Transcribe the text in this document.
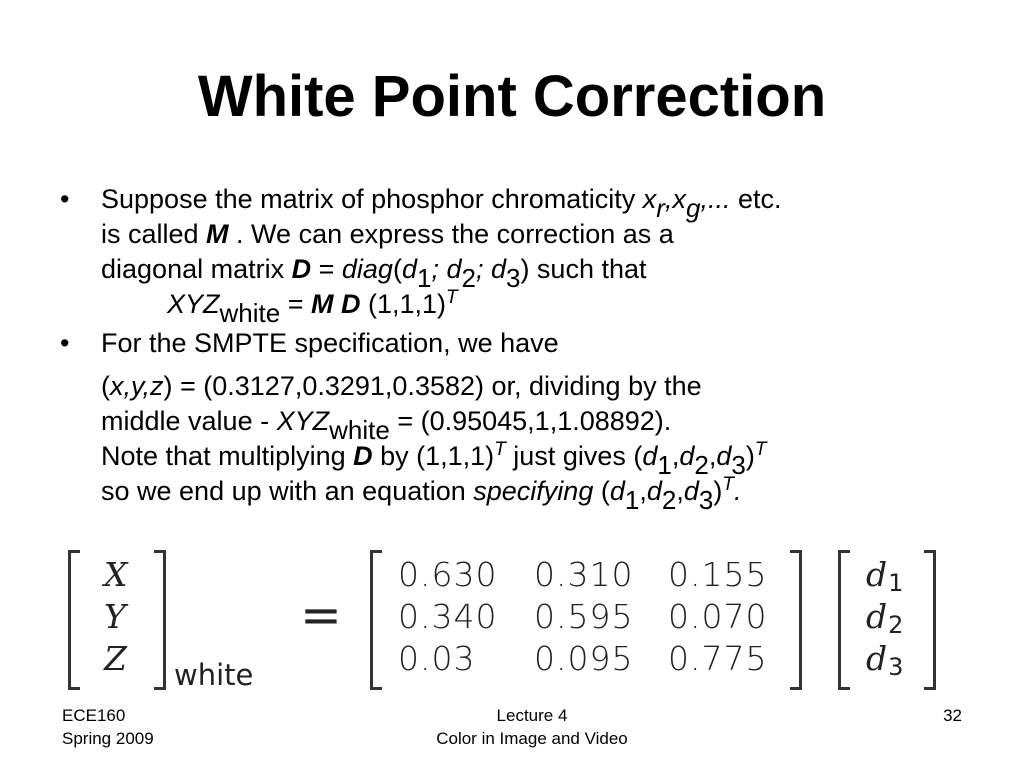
White Point Correction
• Suppose the matrix of phosphor chromaticity $x_r,x_g$,... etc.
is called M . We can express the correction as a
diagonal matrix $D = diag(d_1$; $d_2$; $d_3$) such that
$XYZ_{white} = M$ D $(1,1,1)^T$
• For the SMPTE specification, we have
(x,y,z) = (0.3127,0.3291,0.3582) or, dividing by the
middle value - $XYZ_{white} = (0.95045,1,1.08892)$.
Note that multiplying D by $(1,1,1)^T$ just gives $(d_1,d_2,d_3)^T$
so we end up with an equation specifying $(d_1,d_2,d_3)^T$.
X
Y
Z white
=
0.630 0.310 0.155
0.340 0.595 0.070
0.03 0.095 0.775
d1
d2
d3
ECE160
Spring 2009
Lecture 4
Color in Image and Video
32
